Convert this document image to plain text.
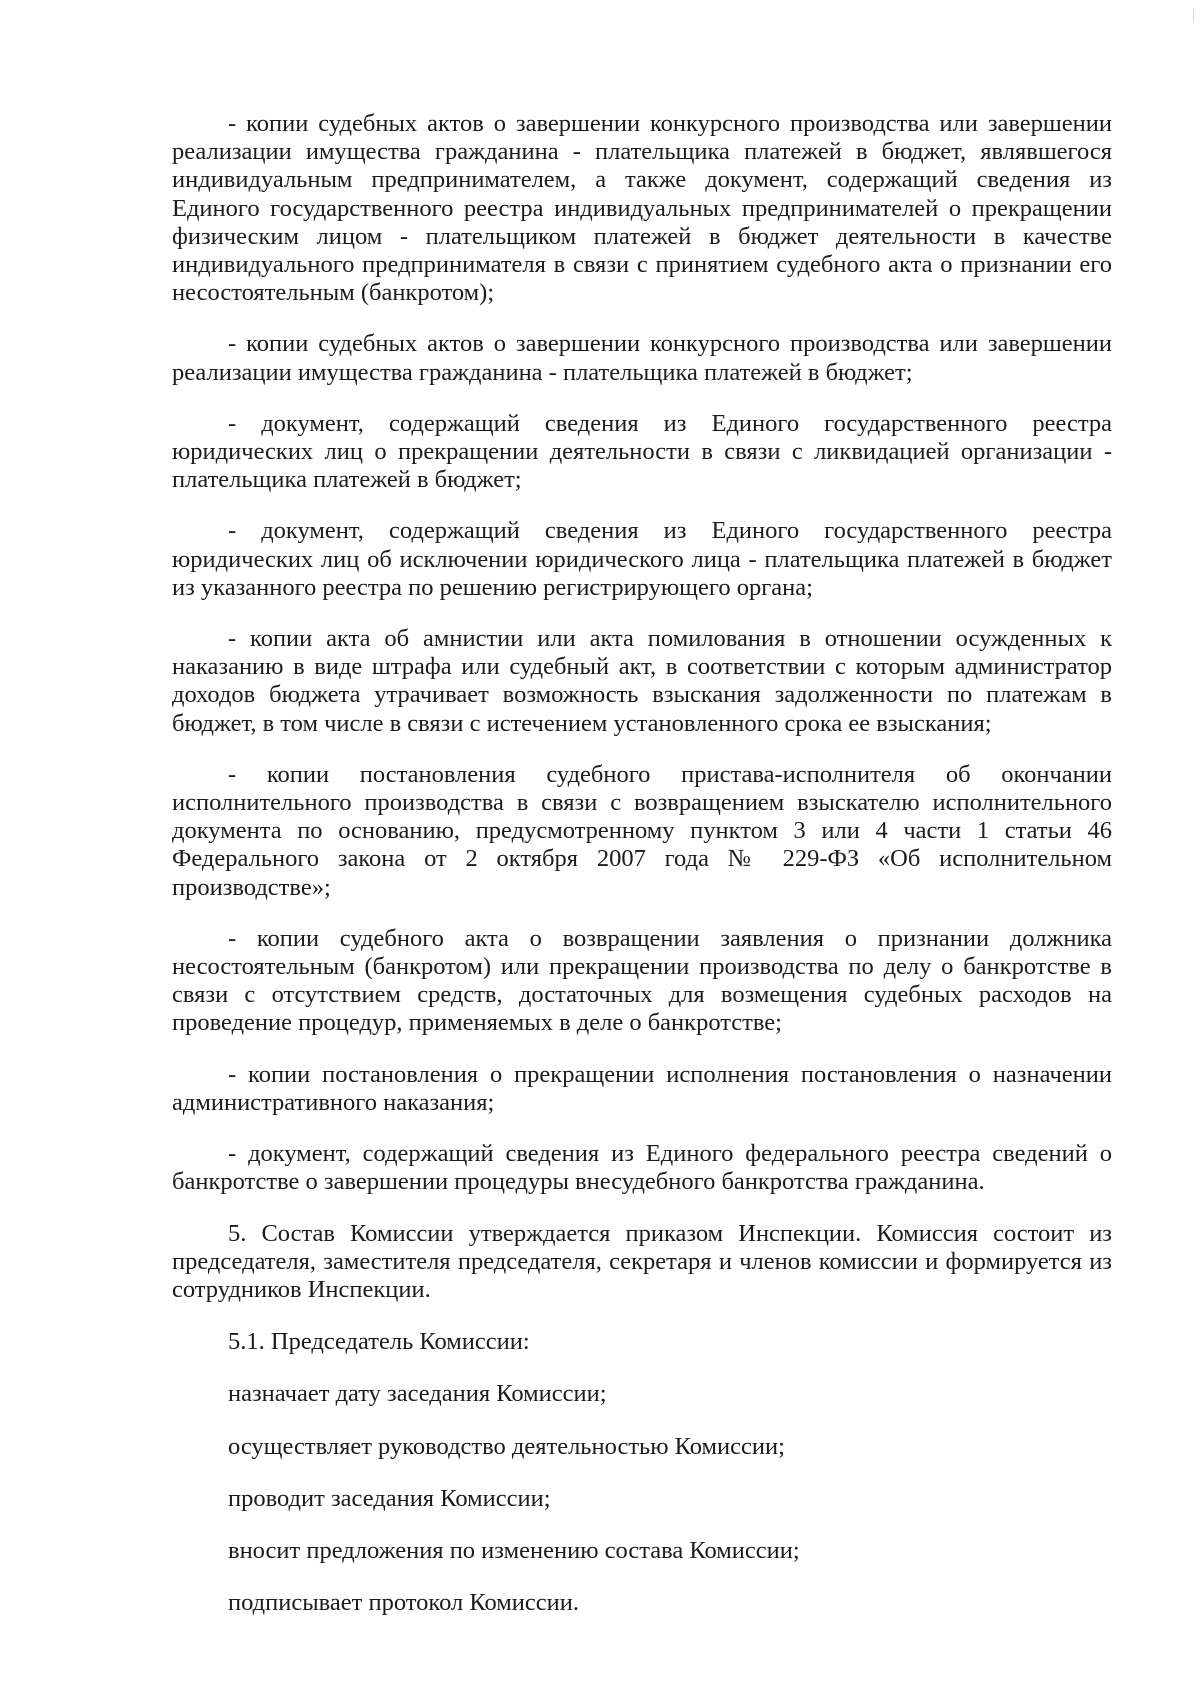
- копии судебных актов о завершении конкурсного производства или завершении реализации имущества гражданина - плательщика платежей в бюджет, являвшегося индивидуальным предпринимателем, а также документ, содержащий сведения из Единого государственного реестра индивидуальных предпринимателей о прекращении физическим лицом - плательщиком платежей в бюджет деятельности в качестве индивидуального предпринимателя в связи с принятием судебного акта о признании его несостоятельным (банкротом);

- копии судебных актов о завершении конкурсного производства или завершении реализации имущества гражданина - плательщика платежей в бюджет;

- документ, содержащий сведения из Единого государственного реестра юридических лиц о прекращении деятельности в связи с ликвидацией организации - плательщика платежей в бюджет;

- документ, содержащий сведения из Единого государственного реестра юридических лиц об исключении юридического лица - плательщика платежей в бюджет из указанного реестра по решению регистрирующего органа;

- копии акта об амнистии или акта помилования в отношении осужденных к наказанию в виде штрафа или судебный акт, в соответствии с которым администратор доходов бюджета утрачивает возможность взыскания задолженности по платежам в бюджет, в том числе в связи с истечением установленного срока ее взыскания;

- копии постановления судебного пристава-исполнителя об окончании исполнительного производства в связи с возвращением взыскателю исполнительного документа по основанию, предусмотренному пунктом 3 или 4 части 1 статьи 46 Федерального закона от 2 октября 2007 года № 229-ФЗ «Об исполнительном производстве»;

- копии судебного акта о возвращении заявления о признании должника несостоятельным (банкротом) или прекращении производства по делу о банкротстве в связи с отсутствием средств, достаточных для возмещения судебных расходов на проведение процедур, применяемых в деле о банкротстве;

- копии постановления о прекращении исполнения постановления о назначении административного наказания;

- документ, содержащий сведения из Единого федерального реестра сведений о банкротстве о завершении процедуры внесудебного банкротства гражданина.

5. Состав Комиссии утверждается приказом Инспекции. Комиссия состоит из председателя, заместителя председателя, секретаря и членов комиссии и формируется из сотрудников Инспекции.

5.1. Председатель Комиссии:

назначает дату заседания Комиссии;

осуществляет руководство деятельностью Комиссии;

проводит заседания Комиссии;

вносит предложения по изменению состава Комиссии;

подписывает протокол Комиссии.
